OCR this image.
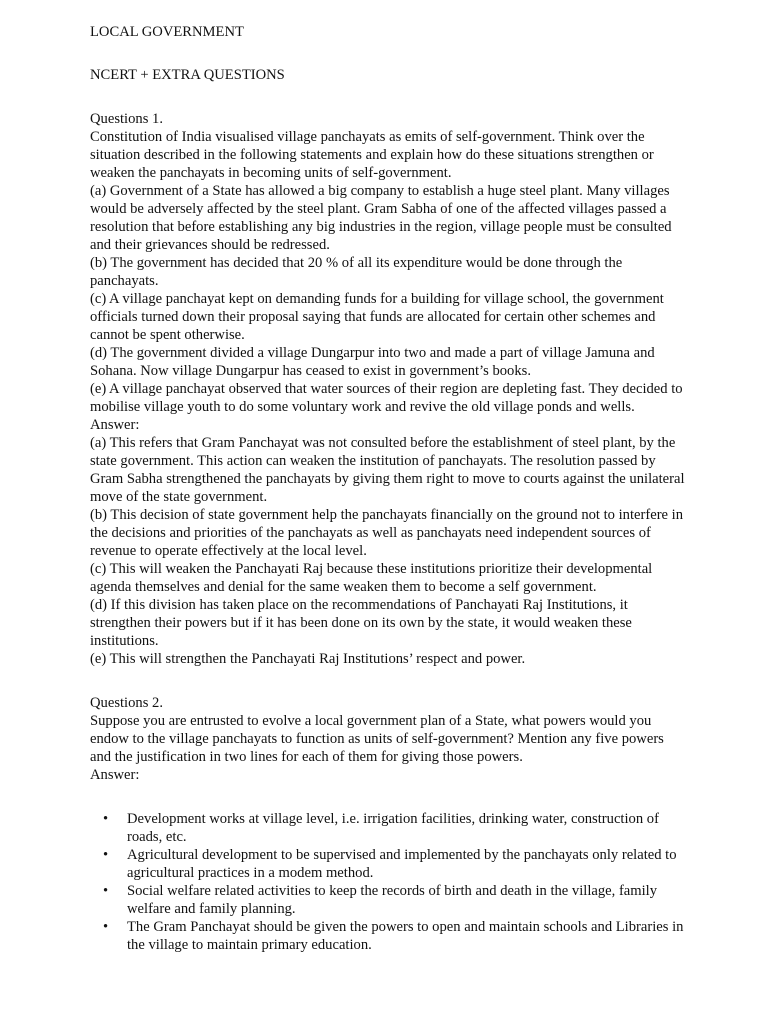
LOCAL GOVERNMENT

NCERT + EXTRA QUESTIONS

Questions 1.

Constitution of India visualised village panchayats as emits of self-government. Think over the situation described in the following statements and explain how do these situations strengthen or weaken the panchayats in becoming units of self-government.

(a) Government of a State has allowed a big company to establish a huge steel plant. Many villages would be adversely affected by the steel plant. Gram Sabha of one of the affected villages passed a resolution that before establishing any big industries in the region, village people must be consulted and their grievances should be redressed.

(b) The government has decided that 20 % of all its expenditure would be done through the panchayats.

(c) A village panchayat kept on demanding funds for a building for village school, the government officials turned down their proposal saying that funds are allocated for certain other schemes and cannot be spent otherwise.

(d) The government divided a village Dungarpur into two and made a part of village Jamuna and Sohana. Now village Dungarpur has ceased to exist in government’s books.

(e) A village panchayat observed that water sources of their region are depleting fast. They decided to mobilise village youth to do some voluntary work and revive the old village ponds and wells.

Answer:

(a) This refers that Gram Panchayat was not consulted before the establishment of steel plant, by the state government. This action can weaken the institution of panchayats. The resolution passed by Gram Sabha strengthened the panchayats by giving them right to move to courts against the unilateral move of the state government.

(b) This decision of state government help the panchayats financially on the ground not to interfere in the decisions and priorities of the panchayats as well as panchayats need independent sources of revenue to operate effectively at the local level.

(c) This will weaken the Panchayati Raj because these institutions prioritize their developmental agenda themselves and denial for the same weaken them to become a self government.

(d) If this division has taken place on the recommendations of Panchayati Raj Institutions, it strengthen their powers but if it has been done on its own by the state, it would weaken these institutions.

(e) This will strengthen the Panchayati Raj Institutions’ respect and power.

Questions 2.

Suppose you are entrusted to evolve a local government plan of a State, what powers would you endow to the village panchayats to function as units of self-government? Mention any five powers and the justification in two lines for each of them for giving those powers.

Answer:

• Development works at village level, i.e. irrigation facilities, drinking water, construction of roads, etc.
• Agricultural development to be supervised and implemented by the panchayats only related to agricultural practices in a modem method.
• Social welfare related activities to keep the records of birth and death in the village, family welfare and family planning.
• The Gram Panchayat should be given the powers to open and maintain schools and Libraries in the village to maintain primary education.
